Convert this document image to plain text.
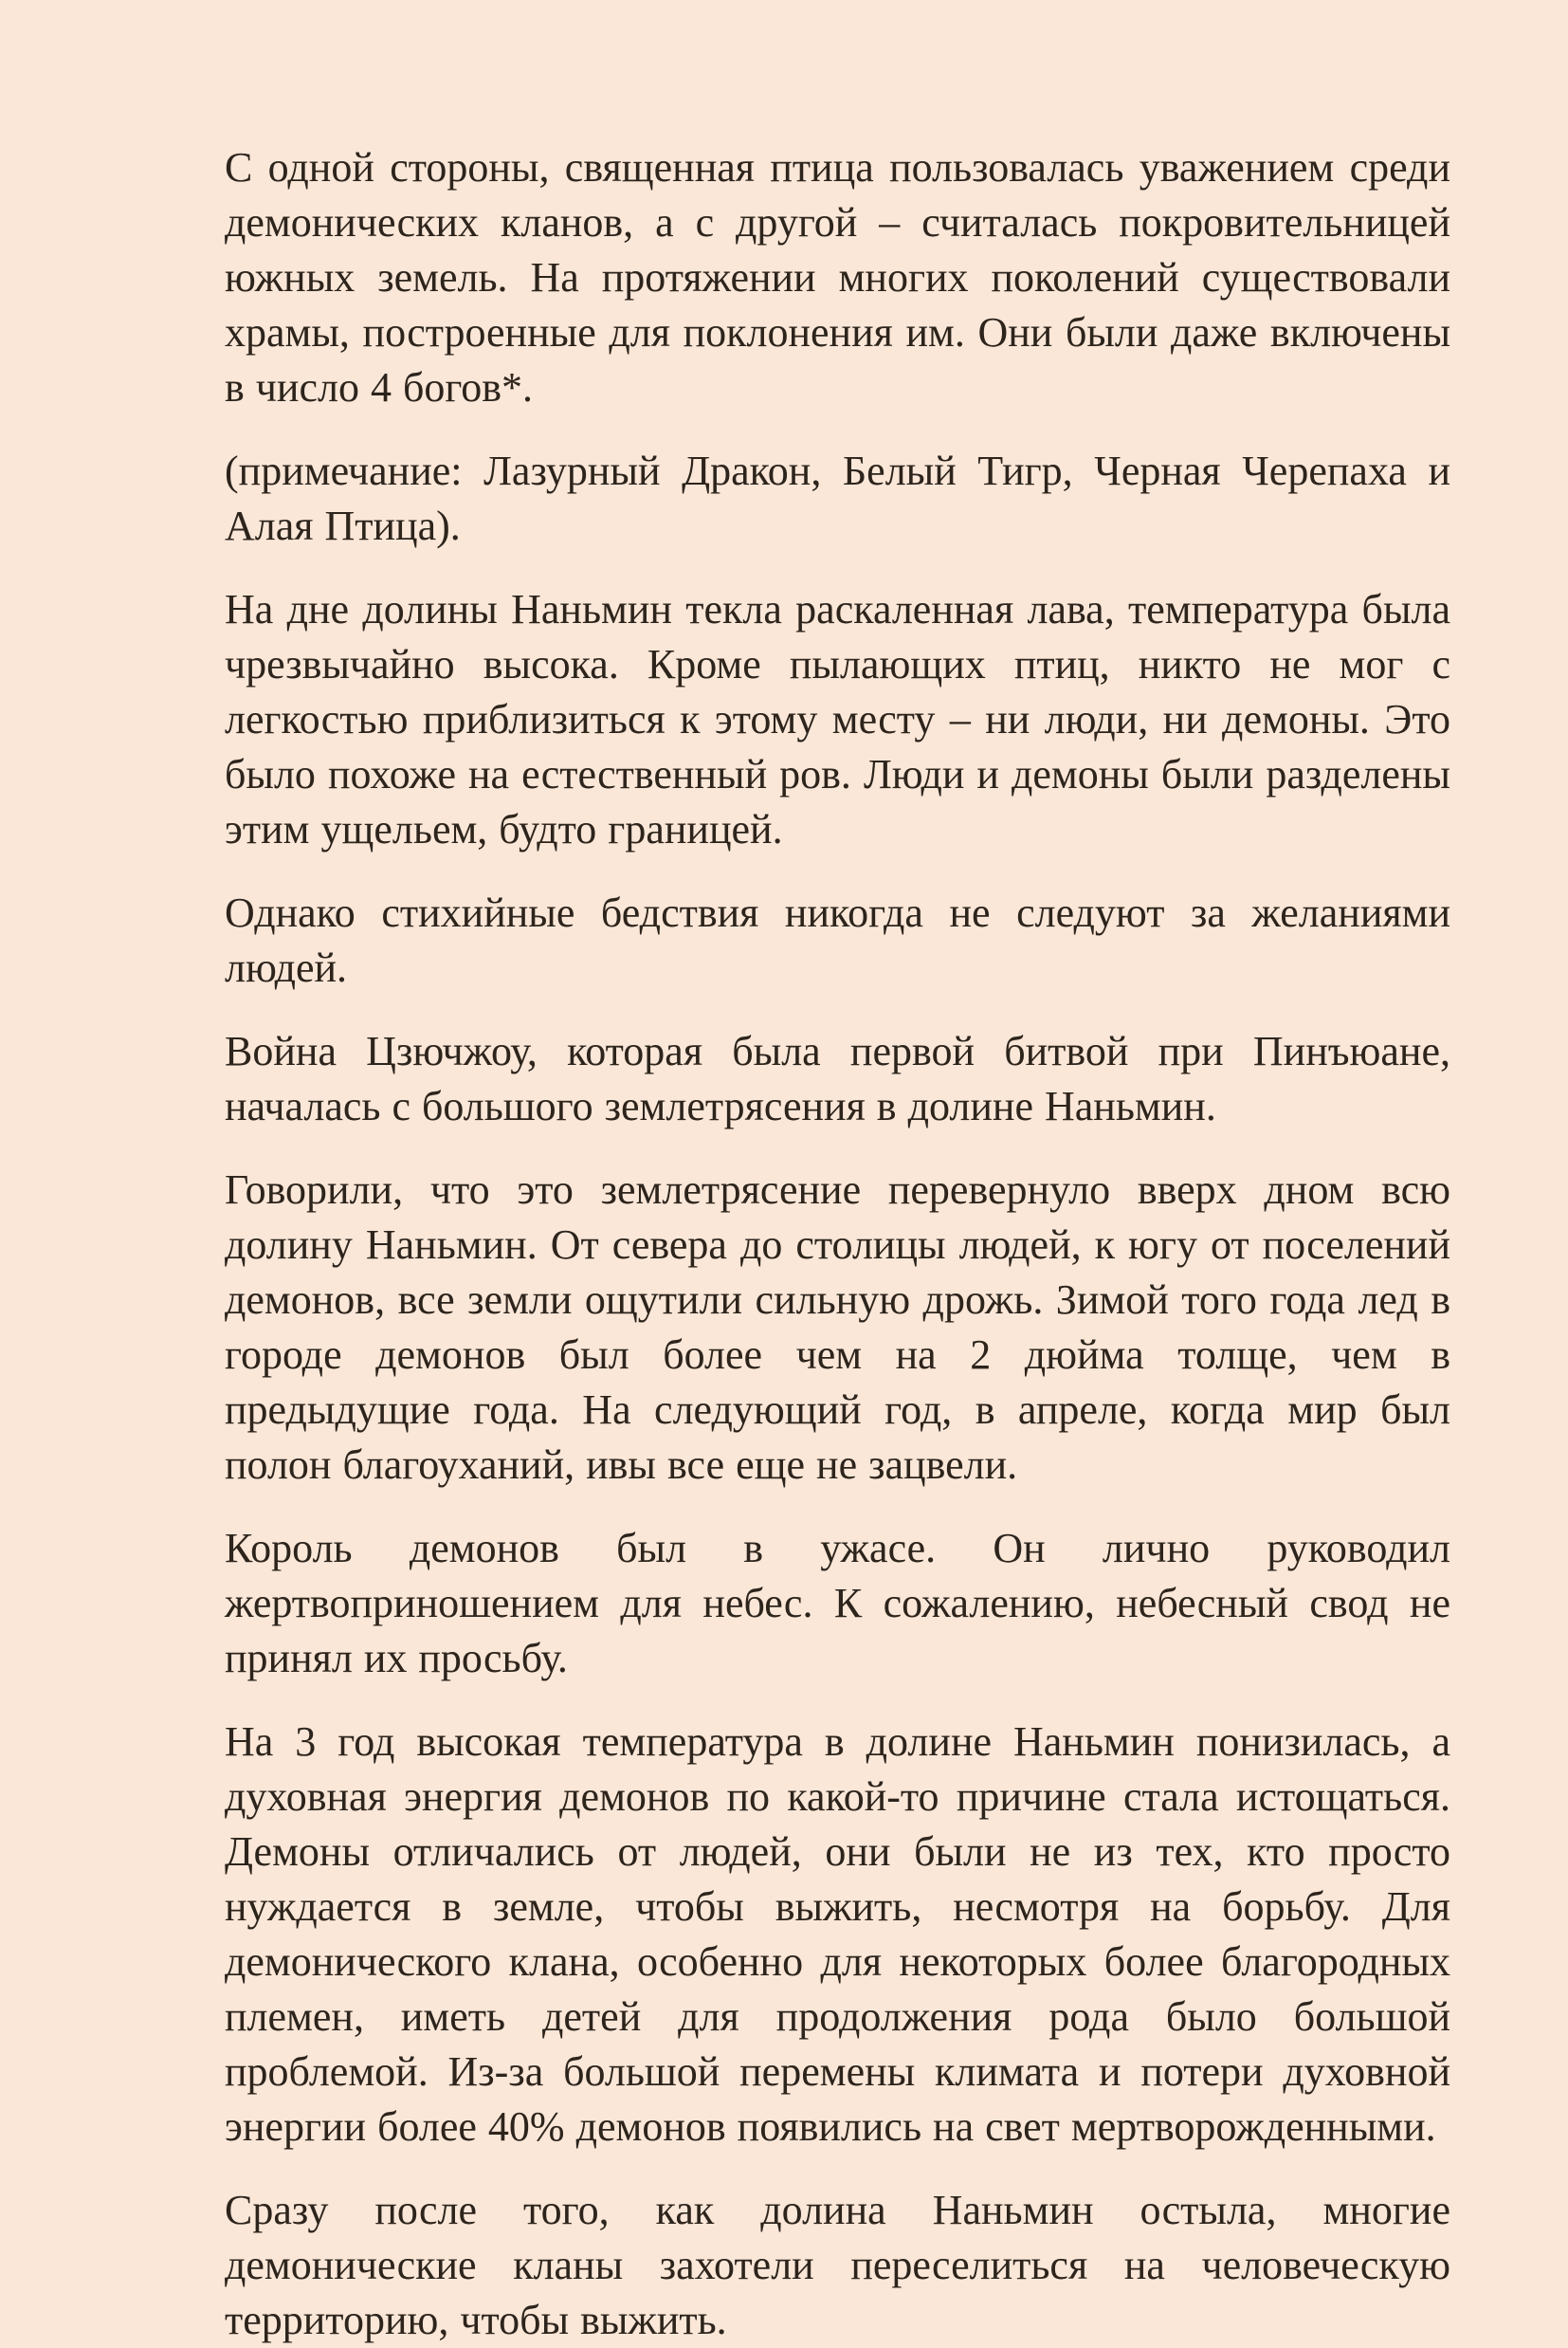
С одной стороны, священная птица пользовалась уважением среди демонических кланов, а с другой – считалась покровительницей южных земель. На протяжении многих поколений существовали храмы, построенные для поклонения им. Они были даже включены в число 4 богов*.

(примечание: Лазурный Дракон, Белый Тигр, Черная Черепаха и Алая Птица).

На дне долины Наньмин текла раскаленная лава, температура была чрезвычайно высока. Кроме пылающих птиц, никто не мог с легкостью приблизиться к этому месту – ни люди, ни демоны. Это было похоже на естественный ров. Люди и демоны были разделены этим ущельем, будто границей.

Однако стихийные бедствия никогда не следуют за желаниями людей.

Война Цзючжоу, которая была первой битвой при Пинъюане, началась с большого землетрясения в долине Наньмин.

Говорили, что это землетрясение перевернуло вверх дном всю долину Наньмин. От севера до столицы людей, к югу от поселений демонов, все земли ощутили сильную дрожь. Зимой того года лед в городе демонов был более чем на 2 дюйма толще, чем в предыдущие года. На следующий год, в апреле, когда мир был полон благоуханий, ивы все еще не зацвели.

Король демонов был в ужасе. Он лично руководил жертвоприношением для небес. К сожалению, небесный свод не принял их просьбу.

На 3 год высокая температура в долине Наньмин понизилась, а духовная энергия демонов по какой-то причине стала истощаться. Демоны отличались от людей, они были не из тех, кто просто нуждается в земле, чтобы выжить, несмотря на борьбу. Для демонического клана, особенно для некоторых более благородных племен, иметь детей для продолжения рода было большой проблемой. Из-за большой перемены климата и потери духовной энергии более 40% демонов появились на свет мертворожденными.

Сразу после того, как долина Наньмин остыла, многие демонические кланы захотели переселиться на человеческую территорию, чтобы выжить.
